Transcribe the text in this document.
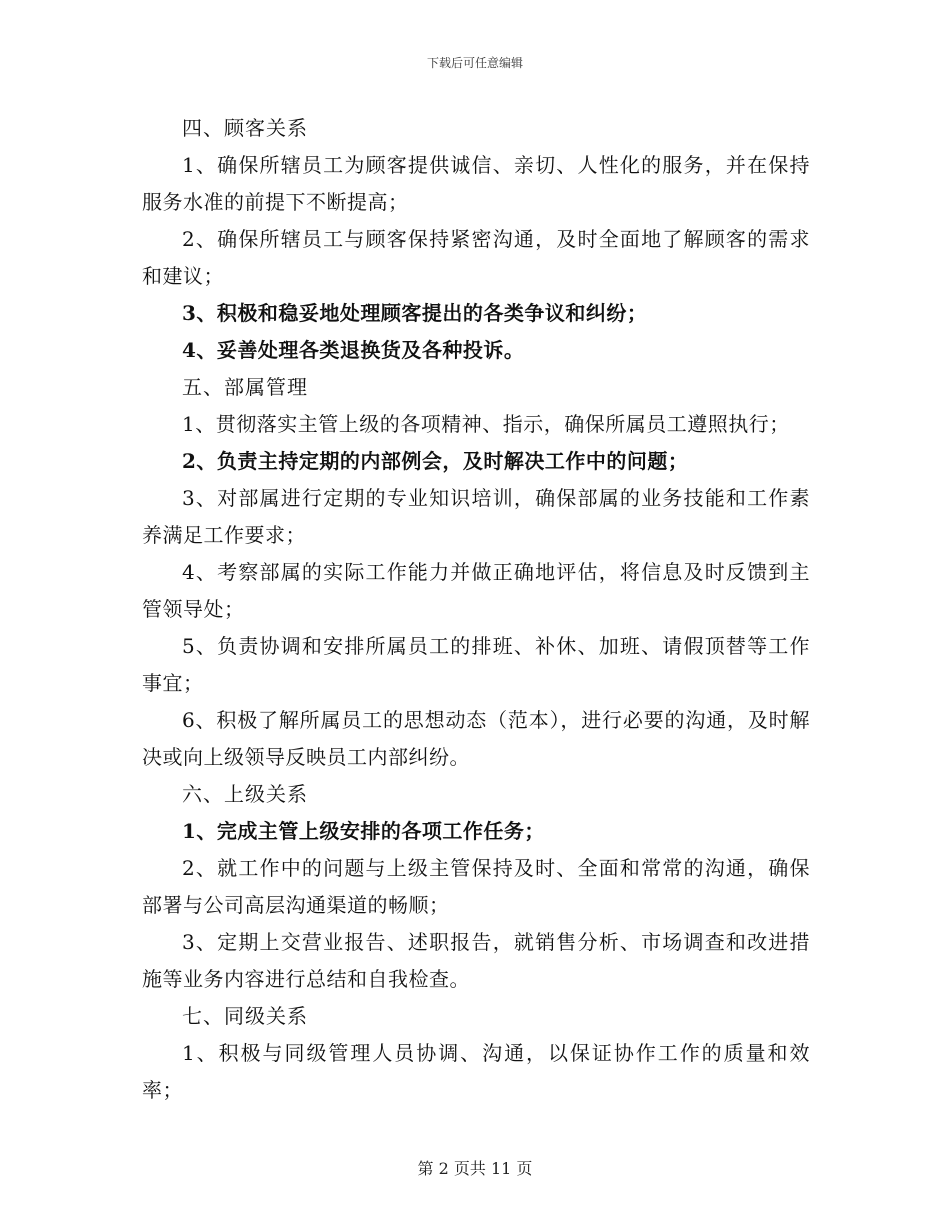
下载后可任意编辑

四、顾客关系

1、确保所辖员工为顾客提供诚信、亲切、人性化的服务，并在保持服务水准的前提下不断提高；

2、确保所辖员工与顾客保持紧密沟通，及时全面地了解顾客的需求和建议；

3、积极和稳妥地处理顾客提出的各类争议和纠纷；

4、妥善处理各类退换货及各种投诉。

五、部属管理

1、贯彻落实主管上级的各项精神、指示，确保所属员工遵照执行；

2、负责主持定期的内部例会，及时解决工作中的问题；

3、对部属进行定期的专业知识培训，确保部属的业务技能和工作素养满足工作要求；

4、考察部属的实际工作能力并做正确地评估，将信息及时反馈到主管领导处；

5、负责协调和安排所属员工的排班、补休、加班、请假顶替等工作事宜；

6、积极了解所属员工的思想动态（范本），进行必要的沟通，及时解决或向上级领导反映员工内部纠纷。

六、上级关系

1、完成主管上级安排的各项工作任务；

2、就工作中的问题与上级主管保持及时、全面和常常的沟通，确保部署与公司高层沟通渠道的畅顺；

3、定期上交营业报告、述职报告，就销售分析、市场调查和改进措施等业务内容进行总结和自我检查。

七、同级关系

1、积极与同级管理人员协调、沟通，以保证协作工作的质量和效率；

第 2 页共 11 页
